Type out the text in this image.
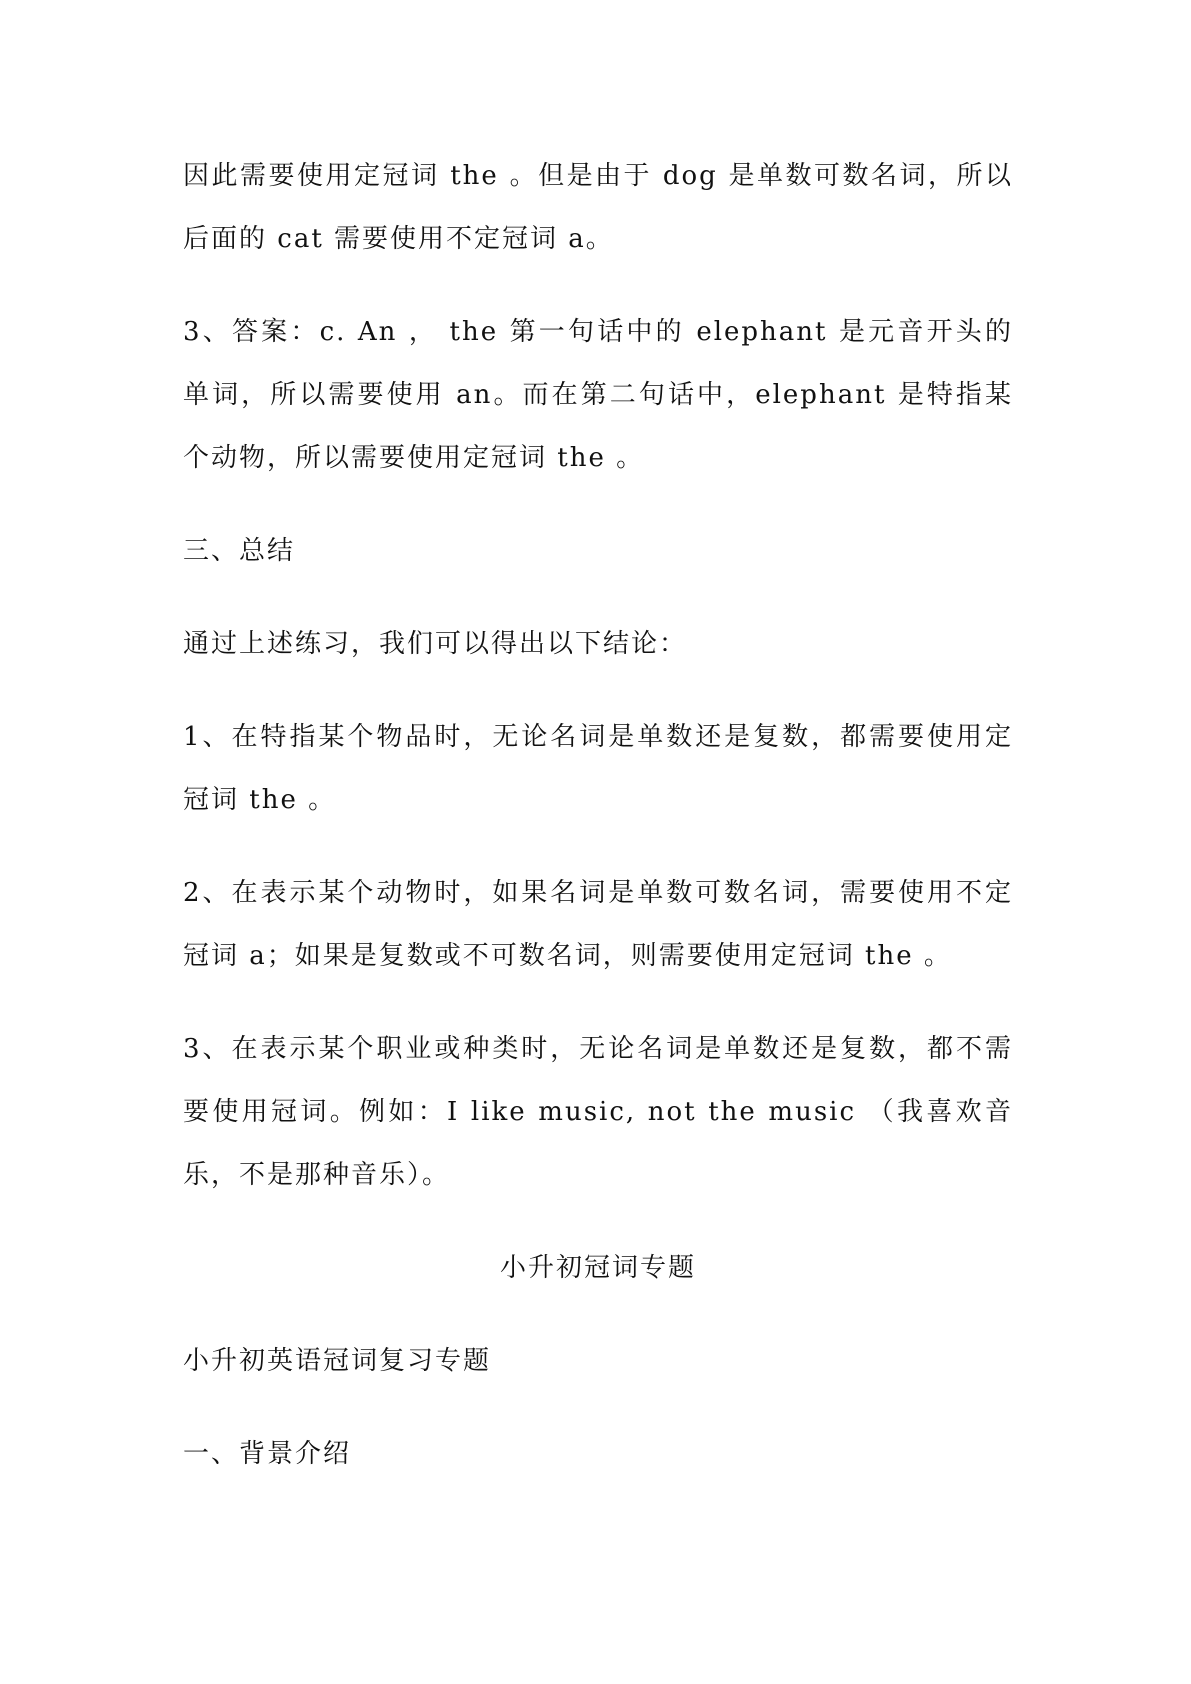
因此需要使用定冠词 the 。但是由于 dog 是单数可数名词，所以后面的 cat 需要使用不定冠词 a。

3、答案：c. An ， the 第一句话中的 elephant 是元音开头的单词，所以需要使用 an。而在第二句话中，elephant 是特指某个动物，所以需要使用定冠词 the 。

三、总结

通过上述练习，我们可以得出以下结论：

1、在特指某个物品时，无论名词是单数还是复数，都需要使用定冠词 the 。

2、在表示某个动物时，如果名词是单数可数名词，需要使用不定冠词 a；如果是复数或不可数名词，则需要使用定冠词 the 。

3、在表示某个职业或种类时，无论名词是单数还是复数，都不需要使用冠词。例如：I like music, not the music （我喜欢音乐，不是那种音乐）。

小升初冠词专题

小升初英语冠词复习专题

一、背景介绍
